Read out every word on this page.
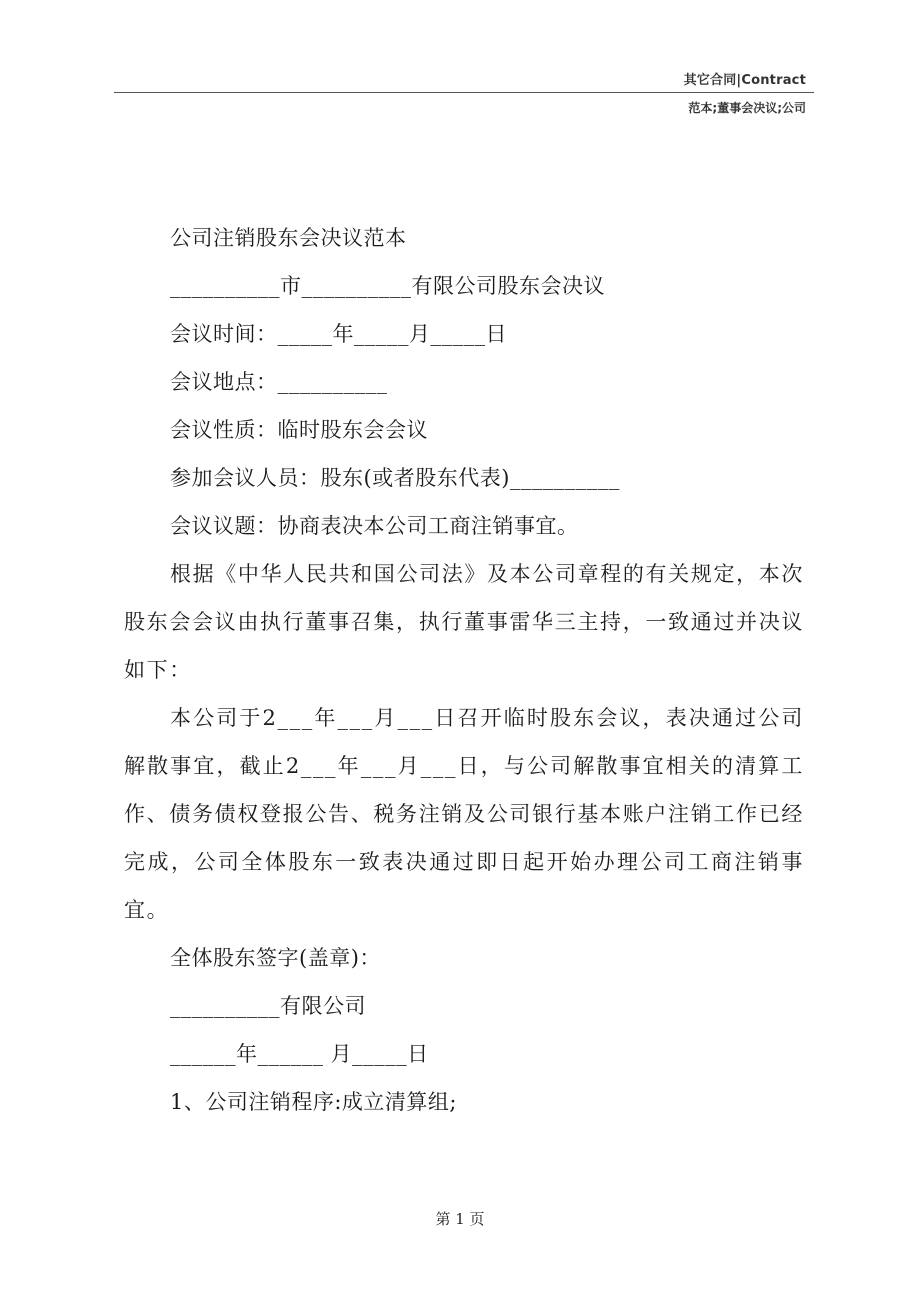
其它合同|Contract
范本;董事会决议;公司
公司注销股东会决议范本
__________市__________有限公司股东会决议
会议时间：_____年_____月_____日
会议地点：__________
会议性质：临时股东会会议
参加会议人员：股东(或者股东代表)__________
会议议题：协商表决本公司工商注销事宜。

根据《中华人民共和国公司法》及本公司章程的有关规定，本次股东会会议由执行董事召集，执行董事雷华三主持，一致通过并决议如下：

本公司于2___年___月___日召开临时股东会议，表决通过公司解散事宜，截止2___年___月___日，与公司解散事宜相关的清算工作、债务债权登报公告、税务注销及公司银行基本账户注销工作已经完成，公司全体股东一致表决通过即日起开始办理公司工商注销事宜。

全体股东签字(盖章)：
__________有限公司
______年______ 月_____日
1、公司注销程序:成立清算组;
第 1 页
